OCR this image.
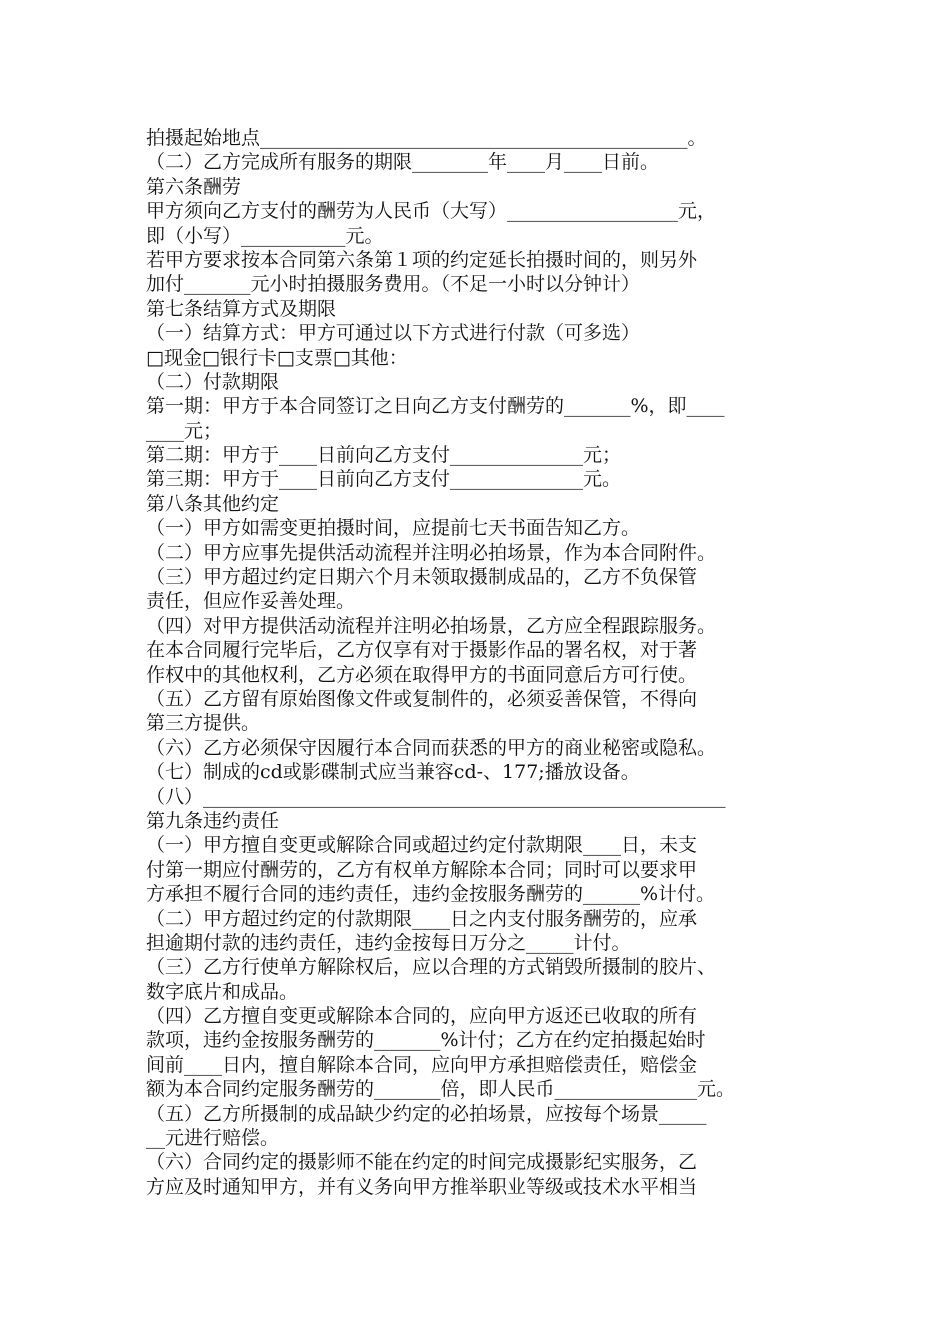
拍摄起始地点_____________________________________________。
（二）乙方完成所有服务的期限________年____月____日前。
第六条酬劳
甲方须向乙方支付的酬劳为人民币（大写）__________________元，
即（小写）___________元。
若甲方要求按本合同第六条第１项的约定延长拍摄时间的，则另外
加付_______元小时拍摄服务费用。（不足一小时以分钟计）
第七条结算方式及期限
（一）结算方式：甲方可通过以下方式进行付款（可多选）
□现金□银行卡□支票□其他：
（二）付款期限
第一期：甲方于本合同签订之日向乙方支付酬劳的_______%，即____
____元；
第二期：甲方于____日前向乙方支付______________元；
第三期：甲方于____日前向乙方支付______________元。
第八条其他约定
（一）甲方如需变更拍摄时间，应提前七天书面告知乙方。
（二）甲方应事先提供活动流程并注明必拍场景，作为本合同附件。
（三）甲方超过约定日期六个月未领取摄制成品的，乙方不负保管
责任，但应作妥善处理。
（四）对甲方提供活动流程并注明必拍场景，乙方应全程跟踪服务。
在本合同履行完毕后，乙方仅享有对于摄影作品的署名权，对于著
作权中的其他权利，乙方必须在取得甲方的书面同意后方可行使。
（五）乙方留有原始图像文件或复制件的，必须妥善保管，不得向
第三方提供。
（六）乙方必须保守因履行本合同而获悉的甲方的商业秘密或隐私。
（七）制成的cd或影碟制式应当兼容cd-、177;播放设备。
（八）_______________________________________________________
第九条违约责任
（一）甲方擅自变更或解除合同或超过约定付款期限____日，未支
付第一期应付酬劳的，乙方有权单方解除本合同；同时可以要求甲
方承担不履行合同的违约责任，违约金按服务酬劳的______%计付。
（二）甲方超过约定的付款期限____日之内支付服务酬劳的，应承
担逾期付款的违约责任，违约金按每日万分之_____计付。
（三）乙方行使单方解除权后，应以合理的方式销毁所摄制的胶片、
数字底片和成品。
（四）乙方擅自变更或解除本合同的，应向甲方返还已收取的所有
款项，违约金按服务酬劳的_______%计付；乙方在约定拍摄起始时
间前____日内，擅自解除本合同，应向甲方承担赔偿责任，赔偿金
额为本合同约定服务酬劳的_______倍，即人民币_______________元。
（五）乙方所摄制的成品缺少约定的必拍场景，应按每个场景_____
__元进行赔偿。
（六）合同约定的摄影师不能在约定的时间完成摄影纪实服务，乙
方应及时通知甲方，并有义务向甲方推举职业等级或技术水平相当
